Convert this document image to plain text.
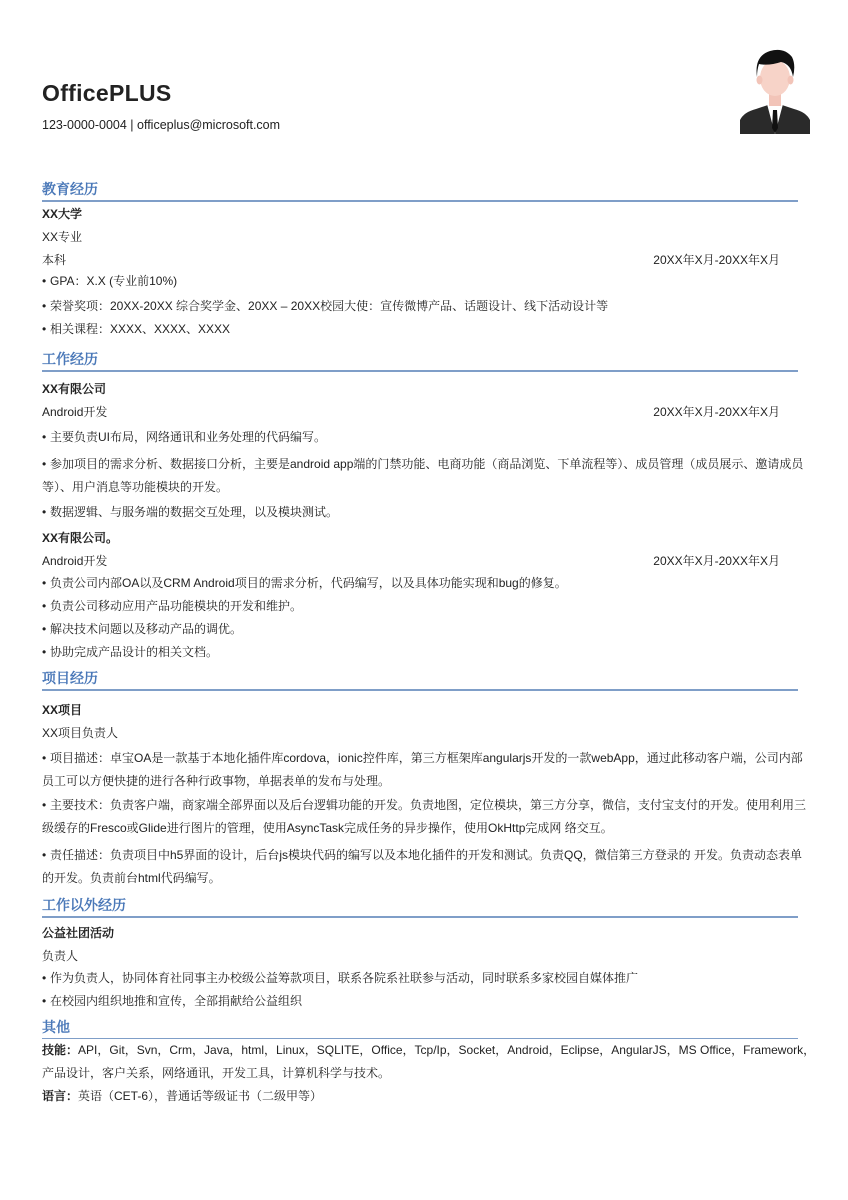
OfficePLUS
123-0000-0004 | officeplus@microsoft.com
教育经历
XX大学
XX专业
本科	20XX年X月-20XX年X月
• GPA：X.X (专业前10%)
• 荣誉奖项：20XX-20XX 综合奖学金、20XX – 20XX校园大使：宣传微博产品、话题设计、线下活动设计等
• 相关课程：XXXX、XXXX、XXXX
工作经历
XX有限公司
Android开发	20XX年X月-20XX年X月
• 主要负责UI布局，网络通讯和业务处理的代码编写。
• 参加项目的需求分析、数据接口分析，主要是android app端的门禁功能、电商功能（商品浏览、下单流程等）、成员管理（成员展示、邀请成员等）、用户消息等功能模块的开发。
• 数据逻辑、与服务端的数据交互处理，以及模块测试。
XX有限公司。
Android开发	20XX年X月-20XX年X月
• 负责公司内部OA以及CRM Android项目的需求分析，代码编写，以及具体功能实现和bug的修复。
• 负责公司移动应用产品功能模块的开发和维护。
• 解决技术问题以及移动产品的调优。
• 协助完成产品设计的相关文档。
项目经历
XX项目
XX项目负责人
• 项目描述：卓宝OA是一款基于本地化插件库cordova，ionic控件库，第三方框架库angularjs开发的一款webApp，通过此移动客户端，公司内部员工可以方便快捷的进行各种行政事物，单据表单的发布与处理。
• 主要技术：负责客户端，商家端全部界面以及后台逻辑功能的开发。负责地图，定位模块，第三方分享，微信，支付宝支付的开发。使用利用三级缓存的Fresco或Glide进行图片的管理，使用AsyncTask完成任务的异步操作，使用OkHttp完成网 络交互。
• 责任描述：负责项目中h5界面的设计，后台js模块代码的编写以及本地化插件的开发和测试。负责QQ，微信第三方登录的 开发。负责动态表单的开发。负责前台html代码编写。
工作以外经历
公益社团活动
负责人
• 作为负责人，协同体育社同事主办校级公益筹款项目，联系各院系社联参与活动，同时联系多家校园自媒体推广
• 在校园内组织地推和宣传，全部捐献给公益组织
其他
技能：API，Git，Svn，Crm，Java，html，Linux，SQLITE，Office，Tcp/Ip，Socket，Android，Eclipse，AngularJS，MS Office，Framework，
产品设计，客户关系，网络通讯，开发工具，计算机科学与技术。
语言：英语（CET-6），普通话等级证书（二级甲等）
